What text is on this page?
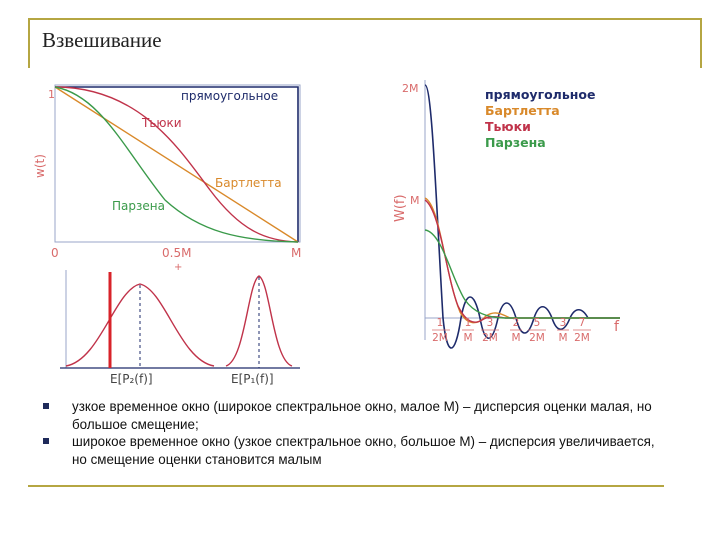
Взвешивание
прямоугольное
Тьюки
Бартлетта
Парзена
1
w(t)
0	0.5M
+
M
E[P₂(f)]	E[P₁(f)]
2M
M
W(f)
f
прямоугольное
Бартлетта
Тьюки
Парзена
1
2M
1
M
3
2M
2
M
5
2M
3
M
7
2M
узкое временное окно (широкое спектральное окно, малое М) – дисперсия оценки малая, но большое смещение;
широкое временное окно (узкое спектральное окно, большое М) – дисперсия увеличивается, но смещение оценки становится малым
